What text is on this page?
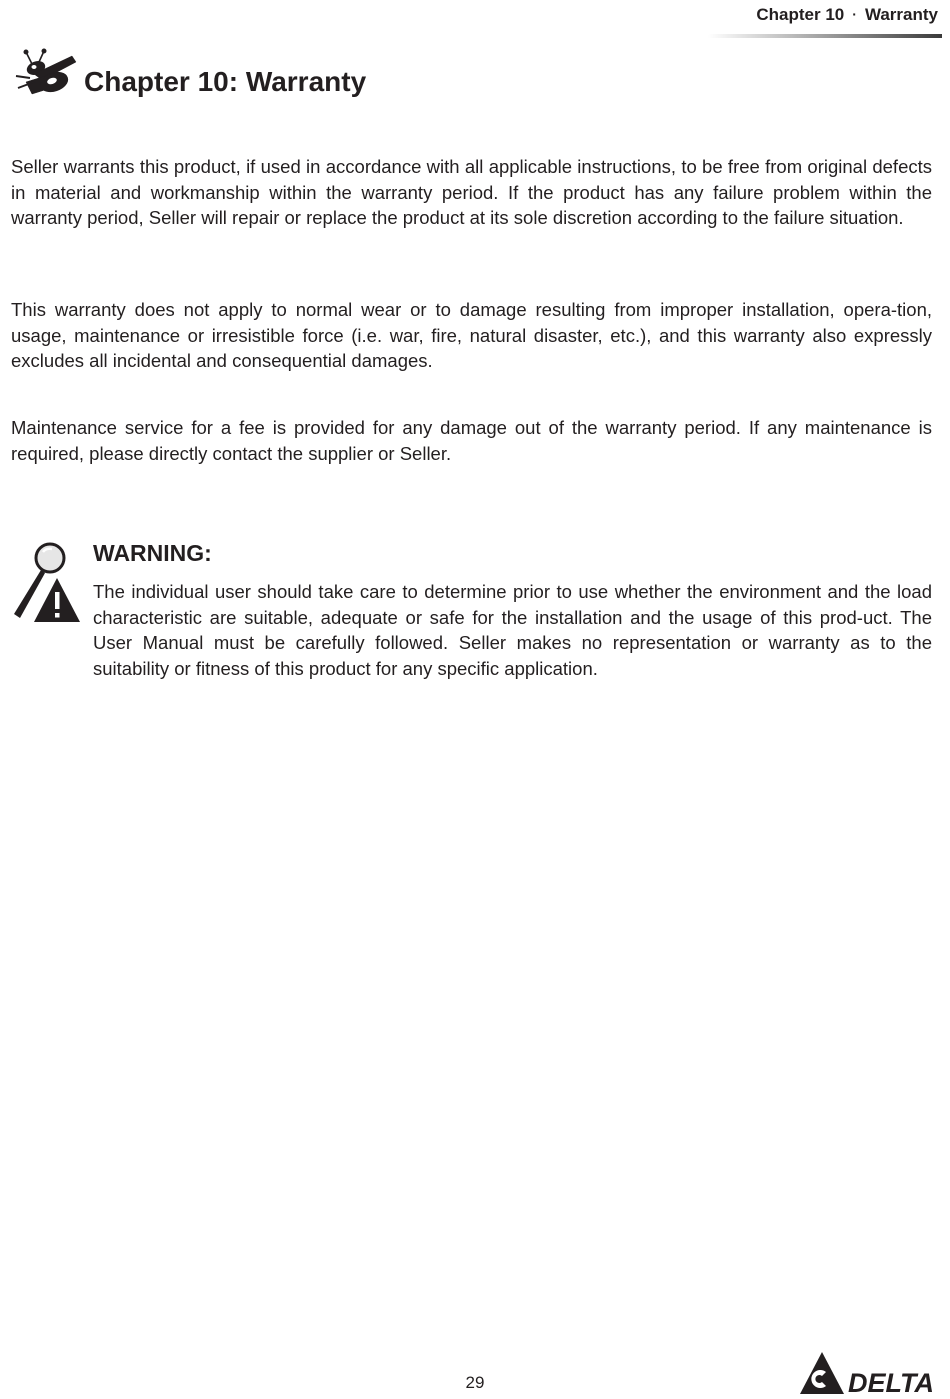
Chapter 10 · Warranty
Chapter 10: Warranty

Seller warrants this product, if used in accordance with all applicable instructions, to be free from original defects in material and workmanship within the warranty period. If the product has any failure problem within the warranty period, Seller will repair or replace the product at its sole discretion according to the failure situation.

This warranty does not apply to normal wear or to damage resulting from improper installation, opera-tion, usage, maintenance or irresistible force (i.e. war, fire, natural disaster, etc.), and this warranty also expressly excludes all incidental and consequential damages.

Maintenance service for a fee is provided for any damage out of the warranty period. If any maintenance is required, please directly contact the supplier or Seller.

WARNING:

The individual user should take care to determine prior to use whether the environment and the load characteristic are suitable, adequate or safe for the installation and the usage of this prod-uct. The User Manual must be carefully followed. Seller makes no representation or warranty as to the suitability or fitness of this product for any specific application.

29	DELTA
